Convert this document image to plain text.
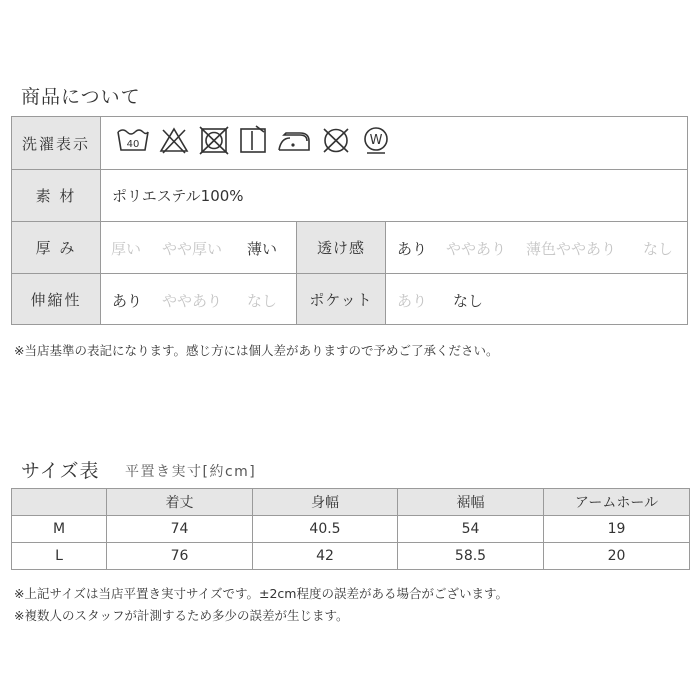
商品について
洗濯表示	40	W
素 材	ポリエステル100%
厚 み	厚い やや厚い 薄い	透け感	あり ややあり 薄色ややあり なし
伸縮性	あり ややあり なし	ポケット	あり なし
※当店基準の表記になります。感じ方には個人差がありますので予めご了承ください。
サイズ表 平置き実寸[約cm]
	着丈	身幅	裾幅	アームホール
M	74	40.5	54	19
L	76	42	58.5	20
※上記サイズは当店平置き実寸サイズです。±2cm程度の誤差がある場合がございます。
※複数人のスタッフが計測するため多少の誤差が生じます。
